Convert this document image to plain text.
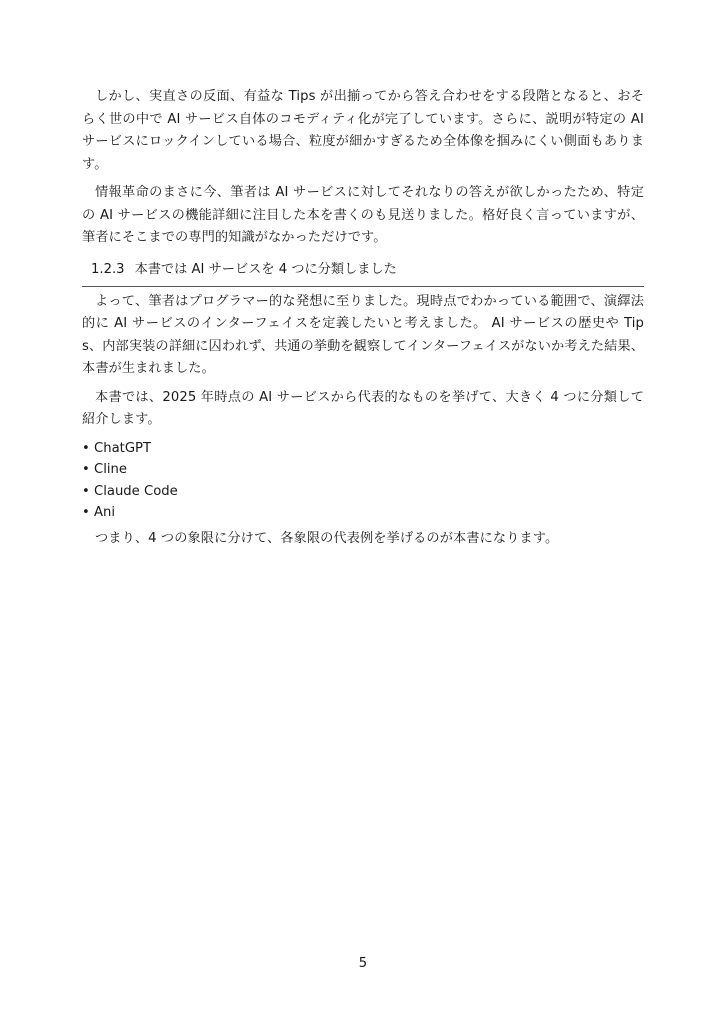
しかし、実直さの反面、有益な Tips が出揃ってから答え合わせをする段階となると、おそらく世の中で AI サービス自体のコモディティ化が完了しています。さらに、説明が特定の AI サービスにロックインしている場合、粒度が細かすぎるため全体像を掴みにくい側面もあります。

情報革命のまさに今、筆者は AI サービスに対してそれなりの答えが欲しかったため、特定の AI サービスの機能詳細に注目した本を書くのも見送りました。格好良く言っていますが、筆者にそこまでの専門的知識がなかっただけです。

1.2.3 本書では AI サービスを 4 つに分類しました

よって、筆者はプログラマー的な発想に至りました。現時点でわかっている範囲で、演繹法的に AI サービスのインターフェイスを定義したいと考えました。 AI サービスの歴史や Tips、内部実装の詳細に囚われず、共通の挙動を観察してインターフェイスがないか考えた結果、本書が生まれました。

本書では、2025 年時点の AI サービスから代表的なものを挙げて、大きく 4 つに分類して紹介します。

• ChatGPT
• Cline
• Claude Code
• Ani

つまり、4 つの象限に分けて、各象限の代表例を挙げるのが本書になります。

5
